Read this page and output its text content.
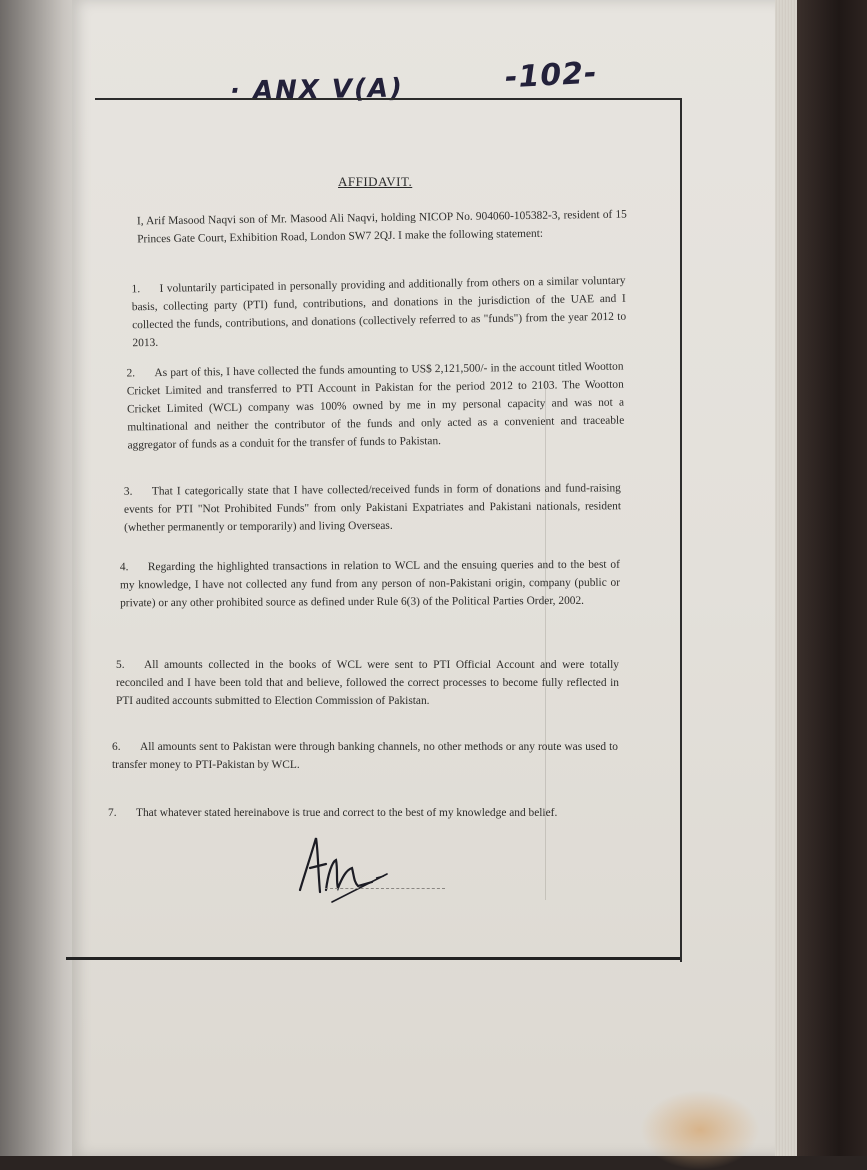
· ANX V(A)	-102-
AFFIDAVIT.

I, Arif Masood Naqvi son of Mr. Masood Ali Naqvi, holding NICOP No. 904060-105382-3, resident of 15 Princes Gate Court, Exhibition Road, London SW7 2QJ. I make the following statement:

1. I voluntarily participated in personally providing and additionally from others on a similar voluntary basis, collecting party (PTI) fund, contributions, and donations in the jurisdiction of the UAE and I collected the funds, contributions, and donations (collectively referred to as "funds") from the year 2012 to 2013.

2. As part of this, I have collected the funds amounting to US$ 2,121,500/- in the account titled Wootton Cricket Limited and transferred to PTI Account in Pakistan for the period 2012 to 2103. The Wootton Cricket Limited (WCL) company was 100% owned by me in my personal capacity and was not a multinational and neither the contributor of the funds and only acted as a convenient and traceable aggregator of funds as a conduit for the transfer of funds to Pakistan.

3. That I categorically state that I have collected/received funds in form of donations and fund-raising events for PTI "Not Prohibited Funds" from only Pakistani Expatriates and Pakistani nationals, resident (whether permanently or temporarily) and living Overseas.

4. Regarding the highlighted transactions in relation to WCL and the ensuing queries and to the best of my knowledge, I have not collected any fund from any person of non-Pakistani origin, company (public or private) or any other prohibited source as defined under Rule 6(3) of the Political Parties Order, 2002.

5. All amounts collected in the books of WCL were sent to PTI Official Account and were totally reconciled and I have been told that and believe, followed the correct processes to become fully reflected in PTI audited accounts submitted to Election Commission of Pakistan.

6. All amounts sent to Pakistan were through banking channels, no other methods or any route was used to transfer money to PTI-Pakistan by WCL.

7. That whatever stated hereinabove is true and correct to the best of my knowledge and belief.
